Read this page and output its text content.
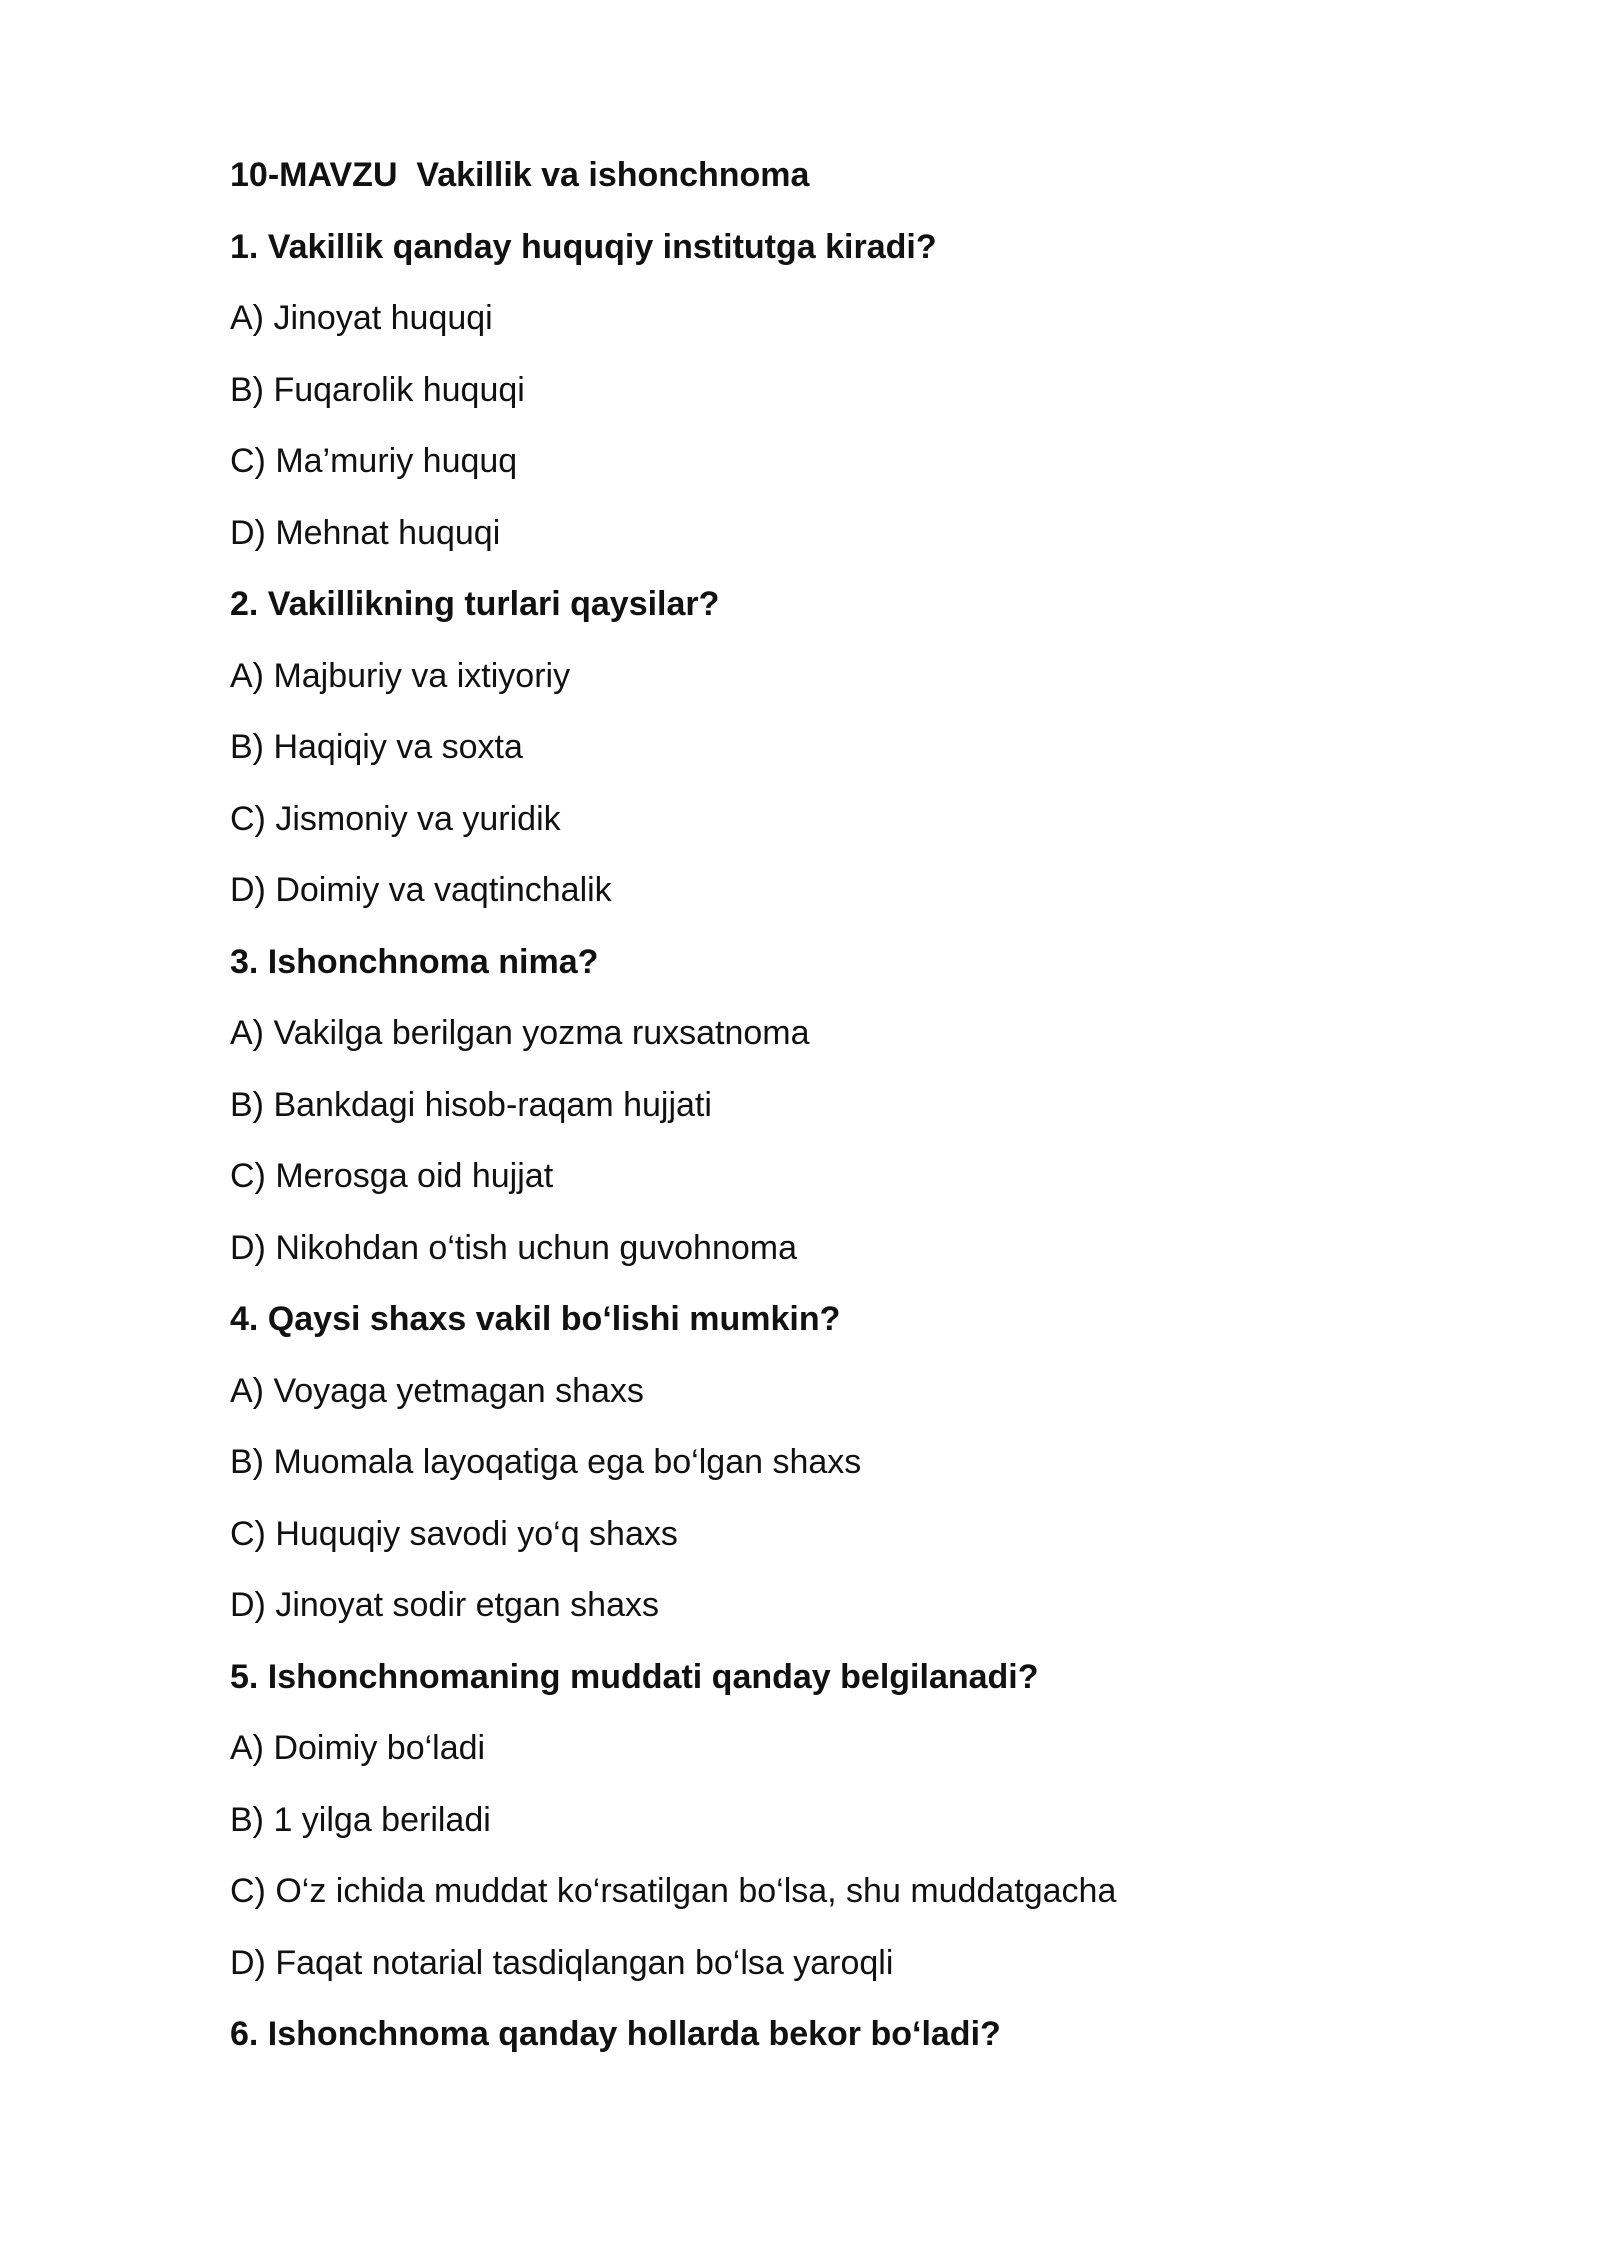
10-MAVZU  Vakillik va ishonchnoma
1. Vakillik qanday huquqiy institutga kiradi?
A) Jinoyat huquqi
B) Fuqarolik huquqi
C) Ma’muriy huquq
D) Mehnat huquqi
2. Vakillikning turlari qaysilar?
A) Majburiy va ixtiyoriy
B) Haqiqiy va soxta
C) Jismoniy va yuridik
D) Doimiy va vaqtinchalik
3. Ishonchnoma nima?
A) Vakilga berilgan yozma ruxsatnoma
B) Bankdagi hisob-raqam hujjati
C) Merosga oid hujjat
D) Nikohdan o‘tish uchun guvohnoma
4. Qaysi shaxs vakil bo‘lishi mumkin?
A) Voyaga yetmagan shaxs
B) Muomala layoqatiga ega bo‘lgan shaxs
C) Huquqiy savodi yo‘q shaxs
D) Jinoyat sodir etgan shaxs
5. Ishonchnomaning muddati qanday belgilanadi?
A) Doimiy bo‘ladi
B) 1 yilga beriladi
C) O‘z ichida muddat ko‘rsatilgan bo‘lsa, shu muddatgacha
D) Faqat notarial tasdiqlangan bo‘lsa yaroqli
6. Ishonchnoma qanday hollarda bekor bo‘ladi?
